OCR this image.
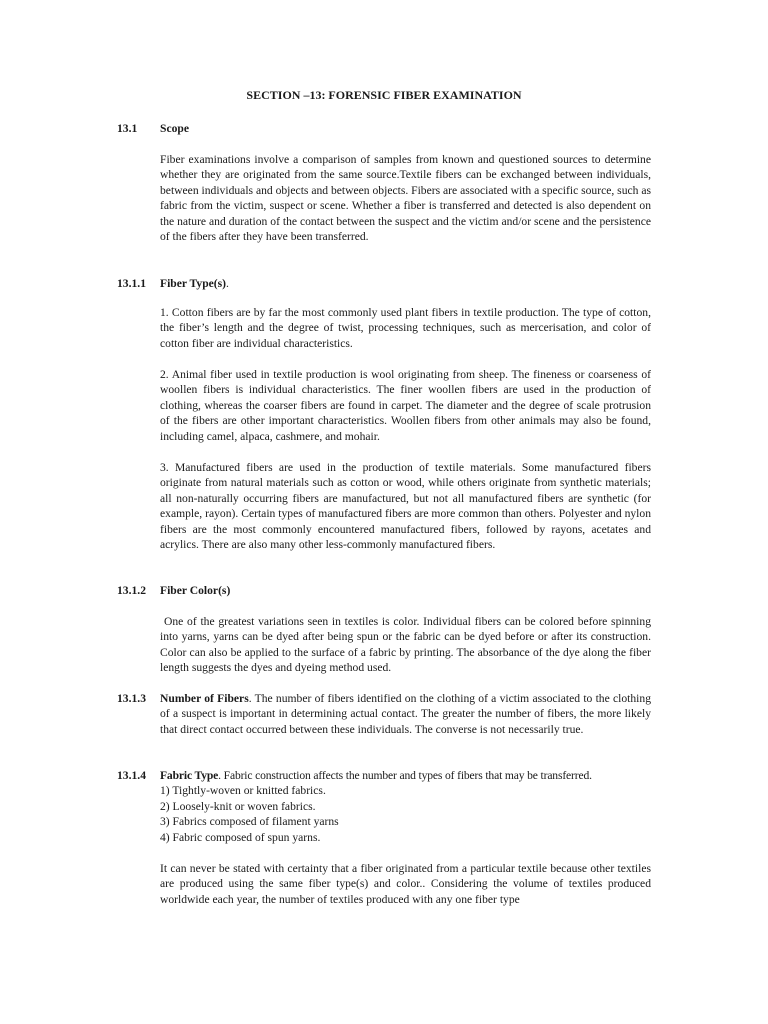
SECTION –13: FORENSIC FIBER EXAMINATION
13.1 Scope

Fiber examinations involve a comparison of samples from known and questioned sources to determine whether they are originated from the same source.Textile fibers can be exchanged between individuals, between individuals and objects and between objects. Fibers are associated with a specific source, such as fabric from the victim, suspect or scene. Whether a fiber is transferred and detected is also dependent on the nature and duration of the contact between the suspect and the victim and/or scene and the persistence of the fibers after they have been transferred.

13.1.1 Fiber Type(s).

1. Cotton fibers are by far the most commonly used plant fibers in textile production. The type of cotton, the fiber’s length and the degree of twist, processing techniques, such as mercerisation, and color of cotton fiber are individual characteristics.

2. Animal fiber used in textile production is wool originating from sheep. The fineness or coarseness of woollen fibers is individual characteristics. The finer woollen fibers are used in the production of clothing, whereas the coarser fibers are found in carpet. The diameter and the degree of scale protrusion of the fibers are other important characteristics. Woollen fibers from other animals may also be found, including camel, alpaca, cashmere, and mohair.

3. Manufactured fibers are used in the production of textile materials. Some manufactured fibers originate from natural materials such as cotton or wood, while others originate from synthetic materials; all non-naturally occurring fibers are manufactured, but not all manufactured fibers are synthetic (for example, rayon). Certain types of manufactured fibers are more common than others. Polyester and nylon fibers are the most commonly encountered manufactured fibers, followed by rayons, acetates and acrylics. There are also many other less-commonly manufactured fibers.

13.1.2 Fiber Color(s)

One of the greatest variations seen in textiles is color. Individual fibers can be colored before spinning into yarns, yarns can be dyed after being spun or the fabric can be dyed before or after its construction. Color can also be applied to the surface of a fabric by printing. The absorbance of the dye along the fiber length suggests the dyes and dyeing method used.

13.1.3 Number of Fibers. The number of fibers identified on the clothing of a victim associated to the clothing of a suspect is important in determining actual contact. The greater the number of fibers, the more likely that direct contact occurred between these individuals. The converse is not necessarily true.
13.1.4 Fabric Type. Fabric construction affects the number and types of fibers that may be transferred.
1) Tightly-woven or knitted fabrics.
2) Loosely-knit or woven fabrics.
3) Fabrics composed of filament yarns
4) Fabric composed of spun yarns.

It can never be stated with certainty that a fiber originated from a particular textile because other textiles are produced using the same fiber type(s) and color.. Considering the volume of textiles produced worldwide each year, the number of textiles produced with any one fiber type
